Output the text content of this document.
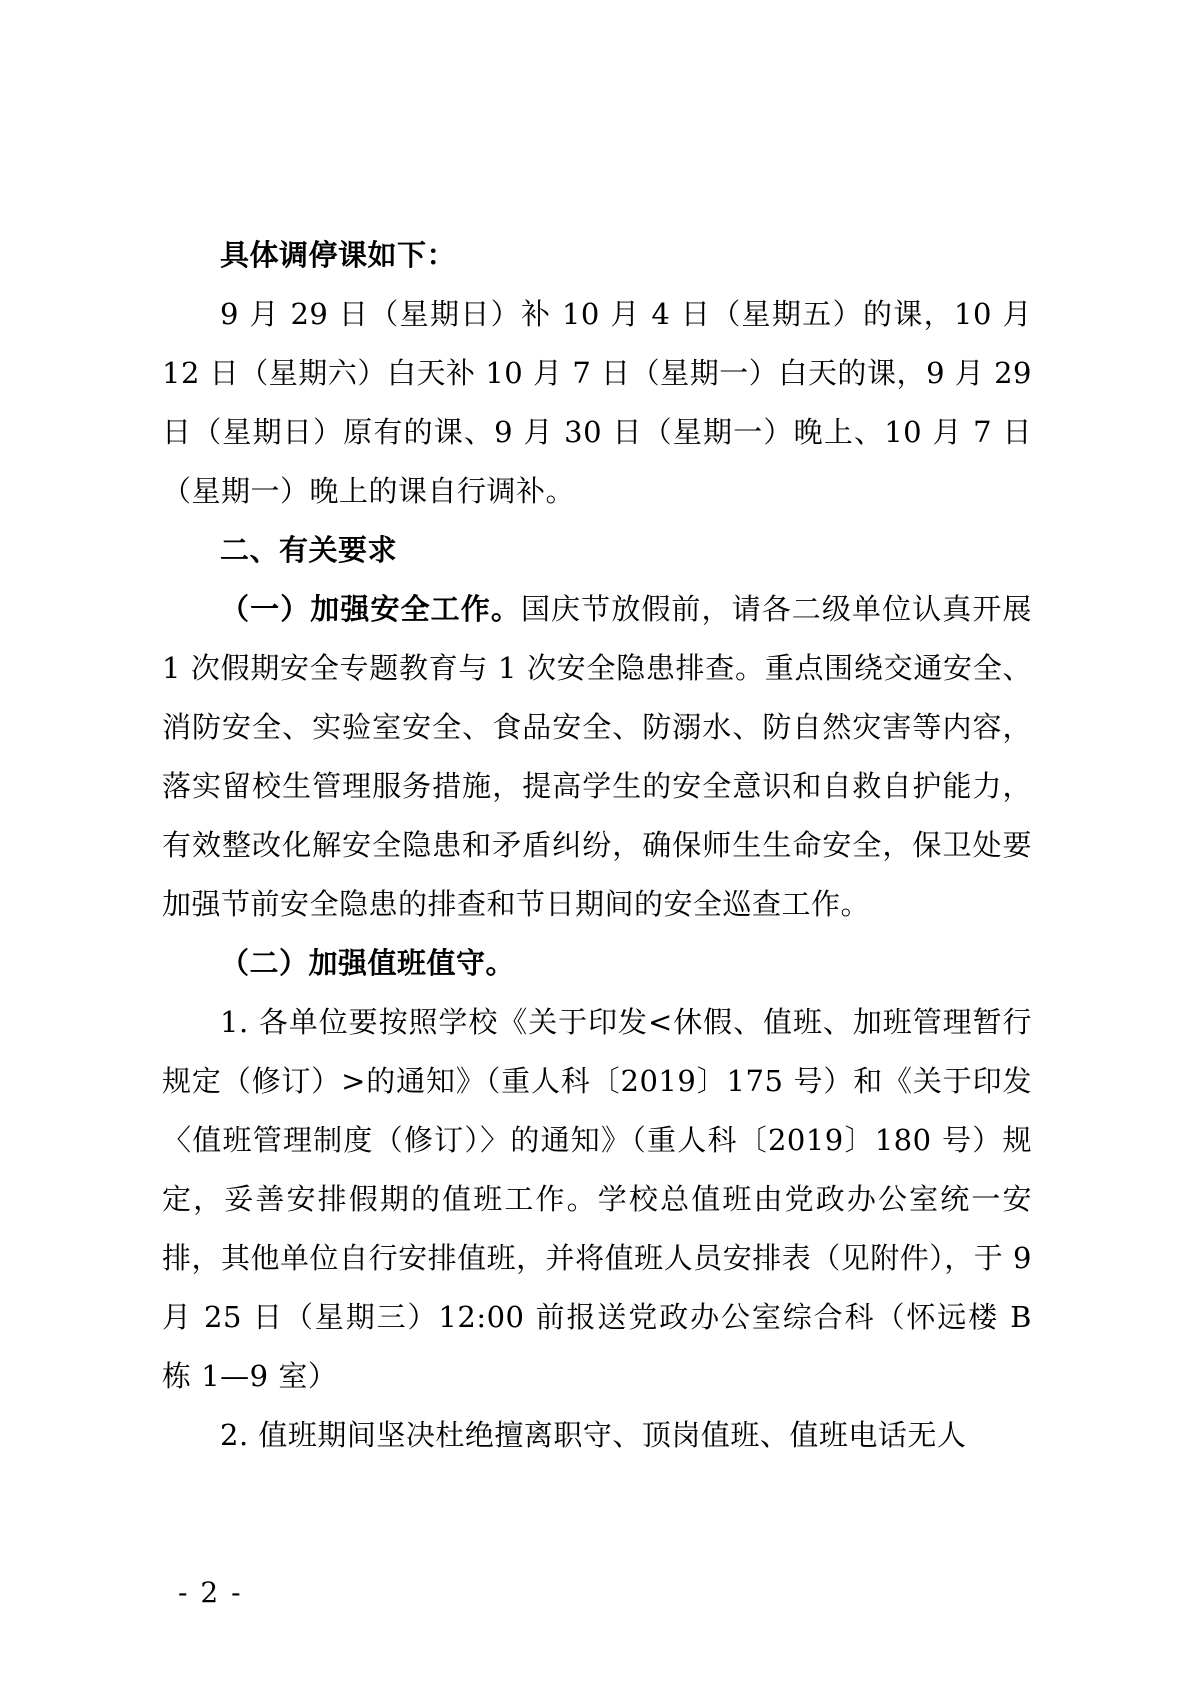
具体调停课如下：

9 月 29 日（星期日）补 10 月 4 日（星期五）的课，10 月 12 日（星期六）白天补 10 月 7 日（星期一）白天的课，9 月 29 日（星期日）原有的课、9 月 30 日（星期一）晚上、10 月 7 日（星期一）晚上的课自行调补。

二、有关要求

（一）加强安全工作。国庆节放假前，请各二级单位认真开展 1 次假期安全专题教育与 1 次安全隐患排查。重点围绕交通安全、消防安全、实验室安全、食品安全、防溺水、防自然灾害等内容，落实留校生管理服务措施，提高学生的安全意识和自救自护能力，有效整改化解安全隐患和矛盾纠纷，确保师生生命安全，保卫处要加强节前安全隐患的排查和节日期间的安全巡查工作。

（二）加强值班值守。

1. 各单位要按照学校《关于印发<休假、值班、加班管理暂行规定（修订）>的通知》（重人科〔2019〕175 号）和《关于印发〈值班管理制度（修订）〉的通知》（重人科〔2019〕180 号）规定，妥善安排假期的值班工作。学校总值班由党政办公室统一安排，其他单位自行安排值班，并将值班人员安排表（见附件），于 9 月 25 日（星期三）12:00 前报送党政办公室综合科（怀远楼 B 栋 1—9 室）

2. 值班期间坚决杜绝擅离职守、顶岗值班、值班电话无人

- 2 -
